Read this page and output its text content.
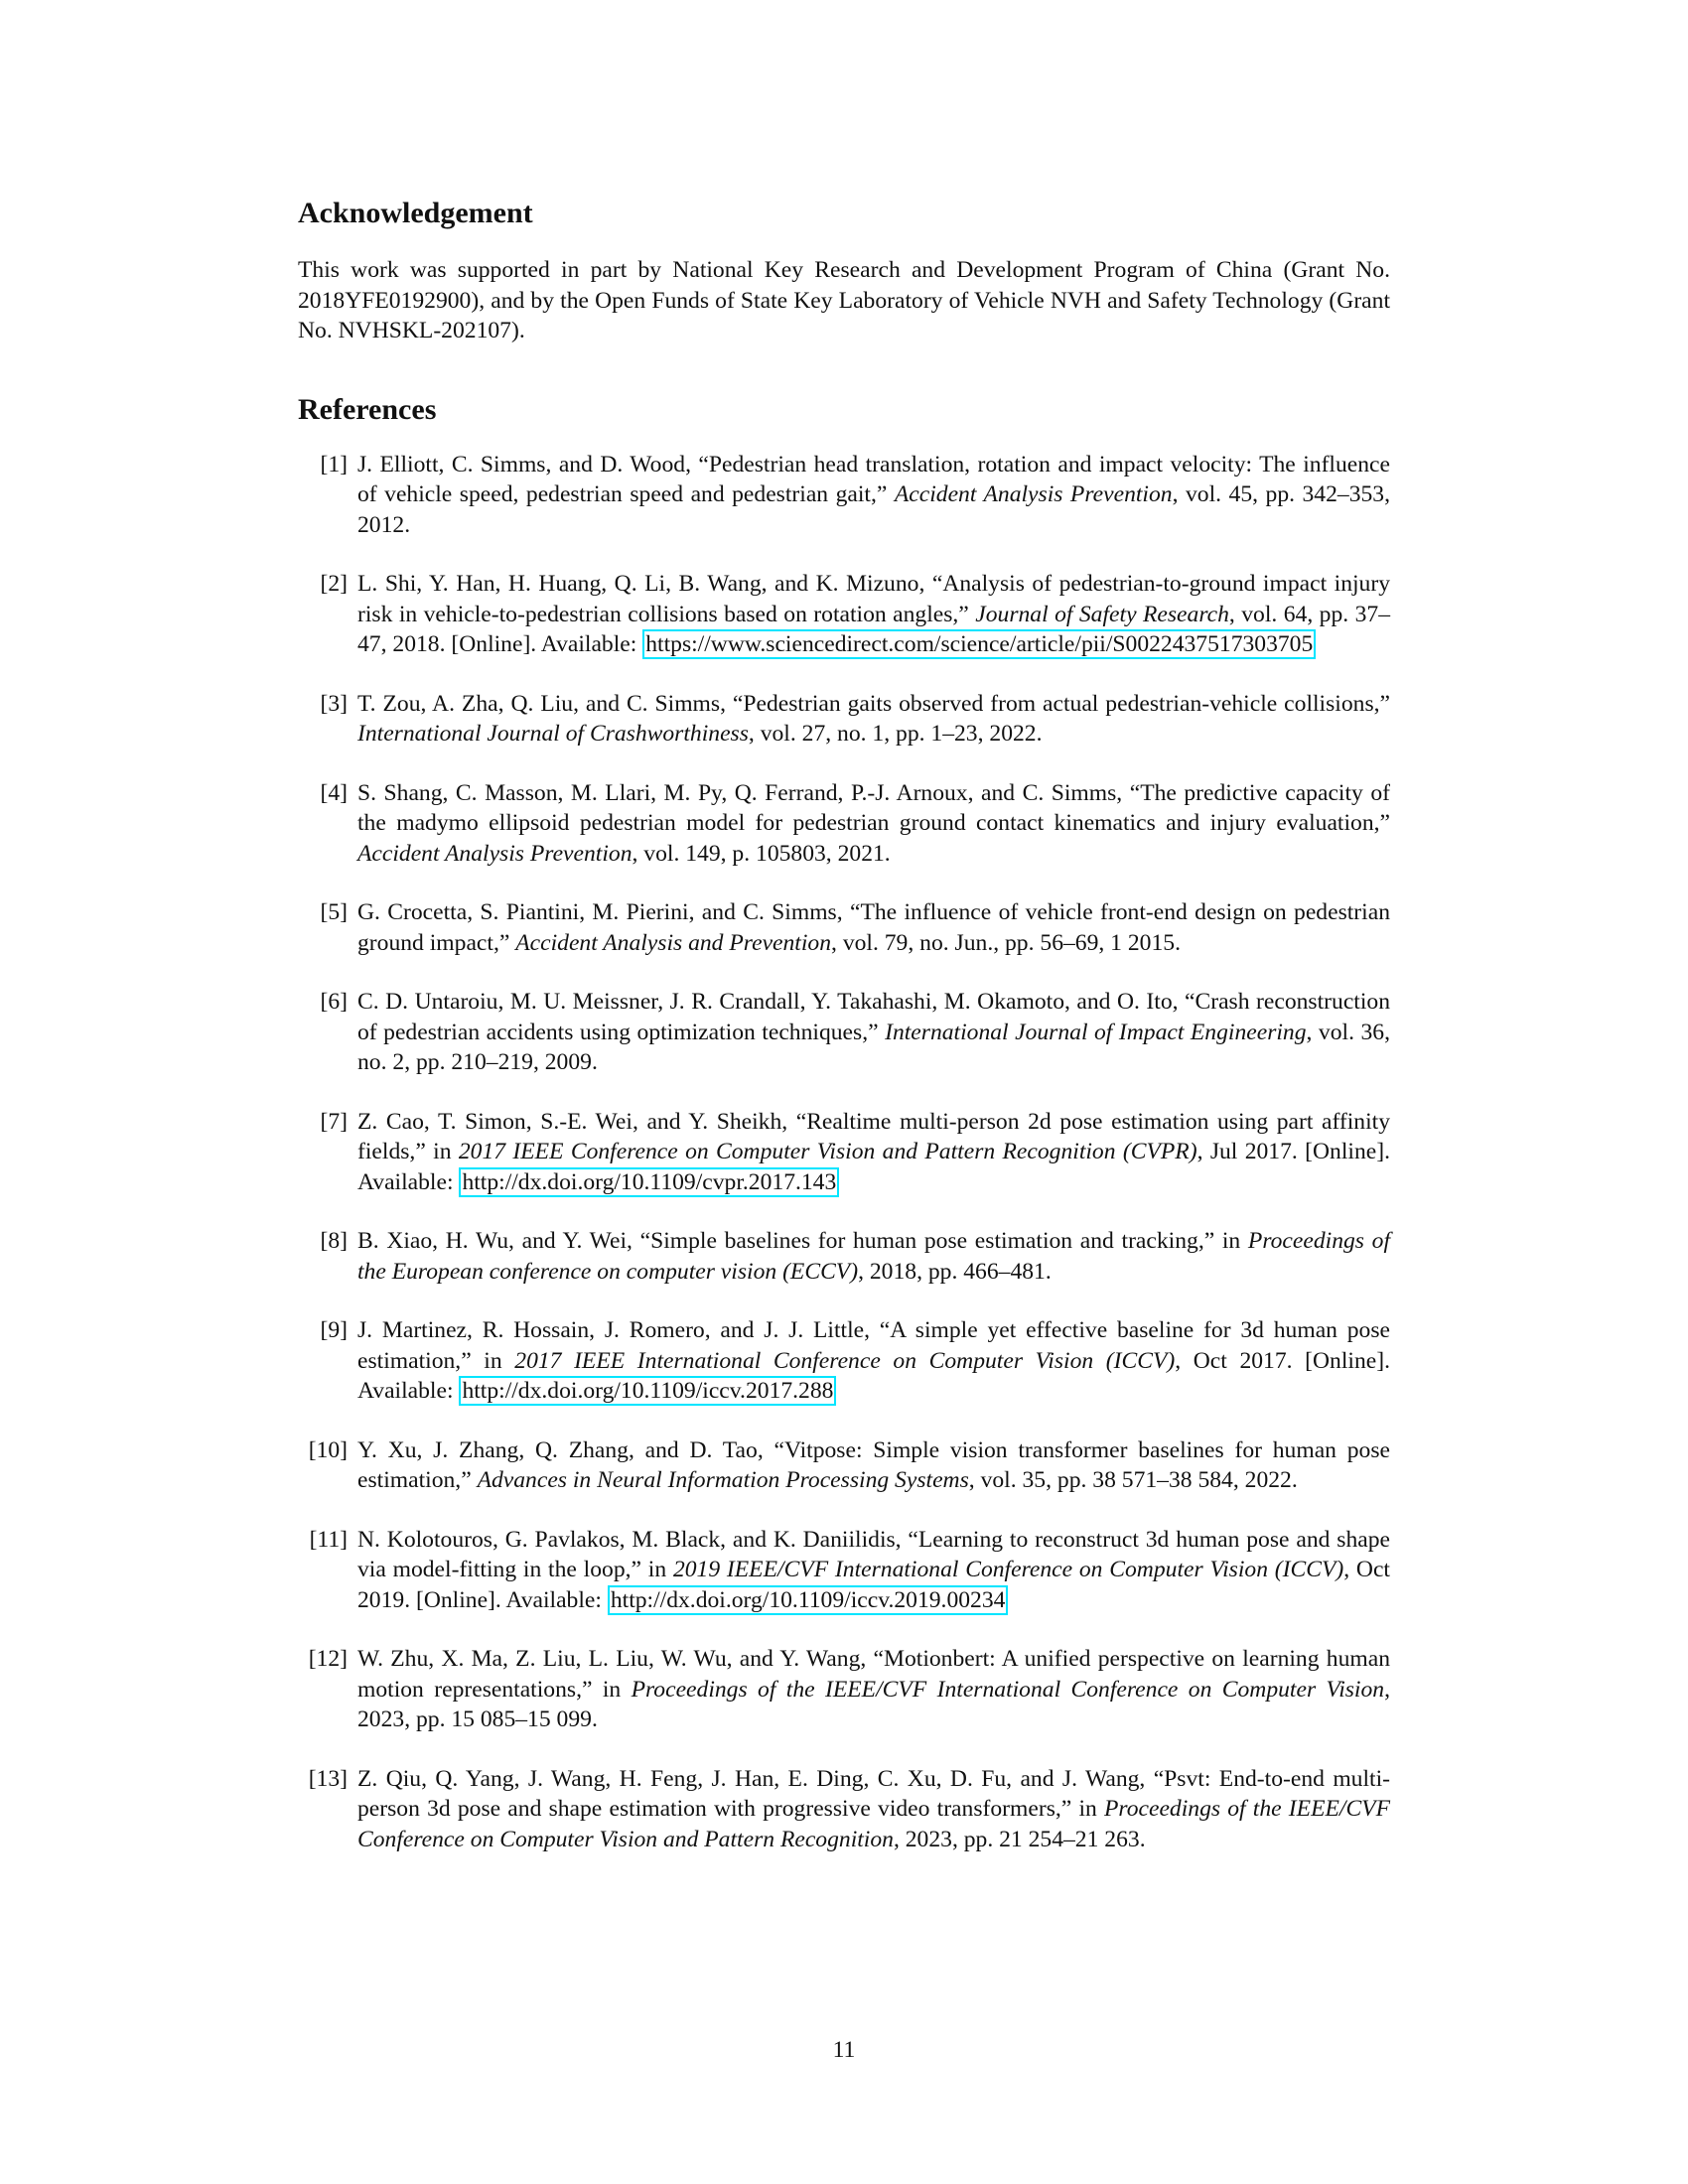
Acknowledgement

This work was supported in part by National Key Research and Development Program of China (Grant No. 2018YFE0192900), and by the Open Funds of State Key Laboratory of Vehicle NVH and Safety Technology (Grant No. NVHSKL-202107).

References
[1] J. Elliott, C. Simms, and D. Wood, “Pedestrian head translation, rotation and impact velocity: The influence of vehicle speed, pedestrian speed and pedestrian gait,” Accident Analysis Prevention, vol. 45, pp. 342–353, 2012.
[2] L. Shi, Y. Han, H. Huang, Q. Li, B. Wang, and K. Mizuno, “Analysis of pedestrian-to-ground impact injury risk in vehicle-to-pedestrian collisions based on rotation angles,” Journal of Safety Research, vol. 64, pp. 37–47, 2018. [Online]. Available: https://www.sciencedirect.com/science/article/pii/S0022437517303705
[3] T. Zou, A. Zha, Q. Liu, and C. Simms, “Pedestrian gaits observed from actual pedestrian-vehicle collisions,” International Journal of Crashworthiness, vol. 27, no. 1, pp. 1–23, 2022.
[4] S. Shang, C. Masson, M. Llari, M. Py, Q. Ferrand, P.-J. Arnoux, and C. Simms, “The predictive capacity of the madymo ellipsoid pedestrian model for pedestrian ground contact kinematics and injury evaluation,” Accident Analysis Prevention, vol. 149, p. 105803, 2021.
[5] G. Crocetta, S. Piantini, M. Pierini, and C. Simms, “The influence of vehicle front-end design on pedestrian ground impact,” Accident Analysis and Prevention, vol. 79, no. Jun., pp. 56–69, 1 2015.
[6] C. D. Untaroiu, M. U. Meissner, J. R. Crandall, Y. Takahashi, M. Okamoto, and O. Ito, “Crash reconstruction of pedestrian accidents using optimization techniques,” International Journal of Impact Engineering, vol. 36, no. 2, pp. 210–219, 2009.
[7] Z. Cao, T. Simon, S.-E. Wei, and Y. Sheikh, “Realtime multi-person 2d pose estimation using part affinity fields,” in 2017 IEEE Conference on Computer Vision and Pattern Recognition (CVPR), Jul 2017. [Online]. Available: http://dx.doi.org/10.1109/cvpr.2017.143
[8] B. Xiao, H. Wu, and Y. Wei, “Simple baselines for human pose estimation and tracking,” in Proceedings of the European conference on computer vision (ECCV), 2018, pp. 466–481.
[9] J. Martinez, R. Hossain, J. Romero, and J. J. Little, “A simple yet effective baseline for 3d human pose estimation,” in 2017 IEEE International Conference on Computer Vision (ICCV), Oct 2017. [Online]. Available: http://dx.doi.org/10.1109/iccv.2017.288
[10] Y. Xu, J. Zhang, Q. Zhang, and D. Tao, “Vitpose: Simple vision transformer baselines for human pose estimation,” Advances in Neural Information Processing Systems, vol. 35, pp. 38 571–38 584, 2022.
[11] N. Kolotouros, G. Pavlakos, M. Black, and K. Daniilidis, “Learning to reconstruct 3d human pose and shape via model-fitting in the loop,” in 2019 IEEE/CVF International Conference on Computer Vision (ICCV), Oct 2019. [Online]. Available: http://dx.doi.org/10.1109/iccv.2019.00234
[12] W. Zhu, X. Ma, Z. Liu, L. Liu, W. Wu, and Y. Wang, “Motionbert: A unified perspective on learning human motion representations,” in Proceedings of the IEEE/CVF International Conference on Computer Vision, 2023, pp. 15 085–15 099.
[13] Z. Qiu, Q. Yang, J. Wang, H. Feng, J. Han, E. Ding, C. Xu, D. Fu, and J. Wang, “Psvt: End-to-end multi-person 3d pose and shape estimation with progressive video transformers,” in Proceedings of the IEEE/CVF Conference on Computer Vision and Pattern Recognition, 2023, pp. 21 254–21 263.
11
